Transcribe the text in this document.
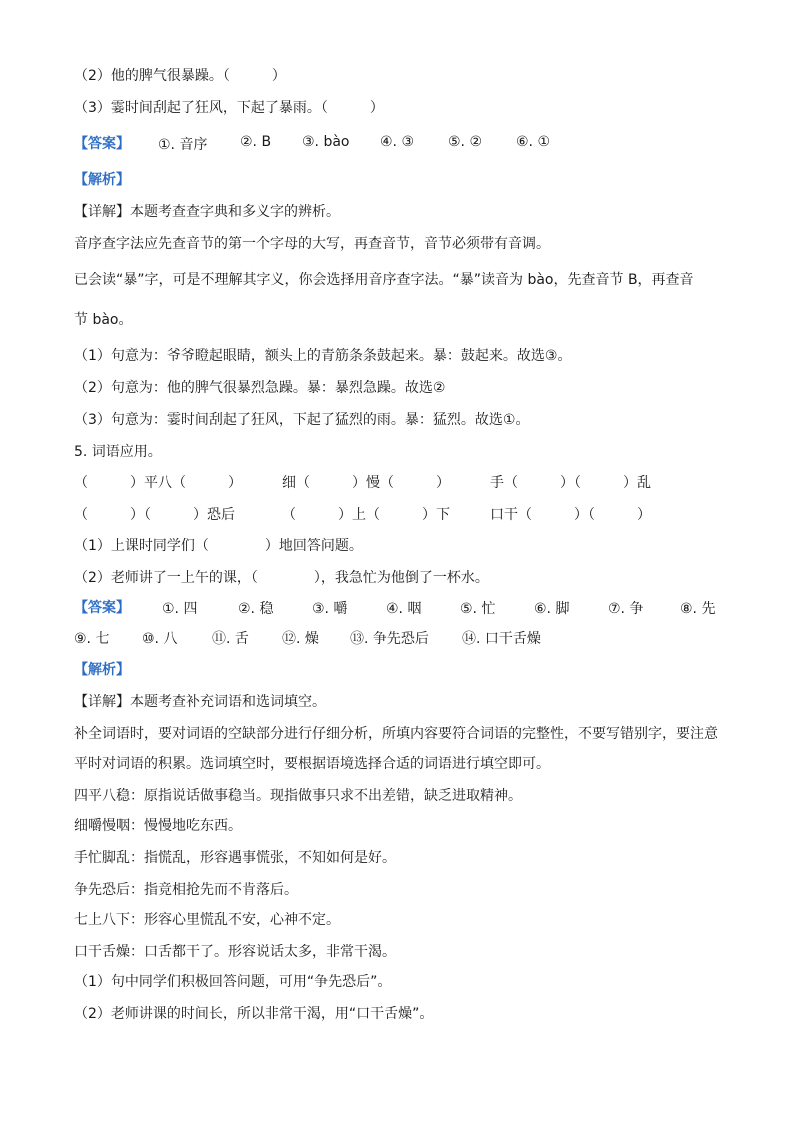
（2）他的脾气很暴躁。（　　　）
（3）霎时间刮起了狂风，下起了暴雨。（　　　）
【答案】 ①. 音序 ②. B ③. bào ④. ③ ⑤. ② ⑥. ①
【解析】
【详解】本题考查查字典和多义字的辨析。
音序查字法应先查音节的第一个字母的大写，再查音节，音节必须带有音调。
已会读“暴”字，可是不理解其字义，你会选择用音序查字法。“暴”读音为 bào，先查音节 B，再查音
节 bào。
（1）句意为：爷爷瞪起眼睛，额头上的青筋条条鼓起来。暴：鼓起来。故选③。
（2）句意为：他的脾气很暴烈急躁。暴：暴烈急躁。故选②
（3）句意为：霎时间刮起了狂风，下起了猛烈的雨。暴：猛烈。故选①。
5. 词语应用。
（　　　）平八（　　　）	细（　　　）慢（　　　）	手（　　　）（　　　）乱
（　　　）（　　　）恐后	（　　　）上（　　　）下	口干（　　　）（　　　）
（1）上课时同学们（　　　　）地回答问题。
（2）老师讲了一上午的课，（　　　　），我急忙为他倒了一杯水。
【答案】 ①. 四	②. 稳	③. 嚼	④. 咽	⑤. 忙	⑥. 脚	⑦. 争	⑧. 先
⑨. 七 ⑩. 八 ⑪. 舌 ⑫. 燥 ⑬. 争先恐后 ⑭. 口干舌燥
【解析】
【详解】本题考查补充词语和选词填空。
补全词语时，要对词语的空缺部分进行仔细分析，所填内容要符合词语的完整性，不要写错别字，要注意
平时对词语的积累。选词填空时，要根据语境选择合适的词语进行填空即可。
四平八稳：原指说话做事稳当。现指做事只求不出差错，缺乏进取精神。
细嚼慢咽：慢慢地吃东西。
手忙脚乱：指慌乱，形容遇事慌张，不知如何是好。
争先恐后：指竞相抢先而不肯落后。
七上八下：形容心里慌乱不安，心神不定。
口干舌燥：口舌都干了。形容说话太多，非常干渴。
（1）句中同学们积极回答问题，可用“争先恐后”。
（2）老师讲课的时间长，所以非常干渴，用“口干舌燥”。
